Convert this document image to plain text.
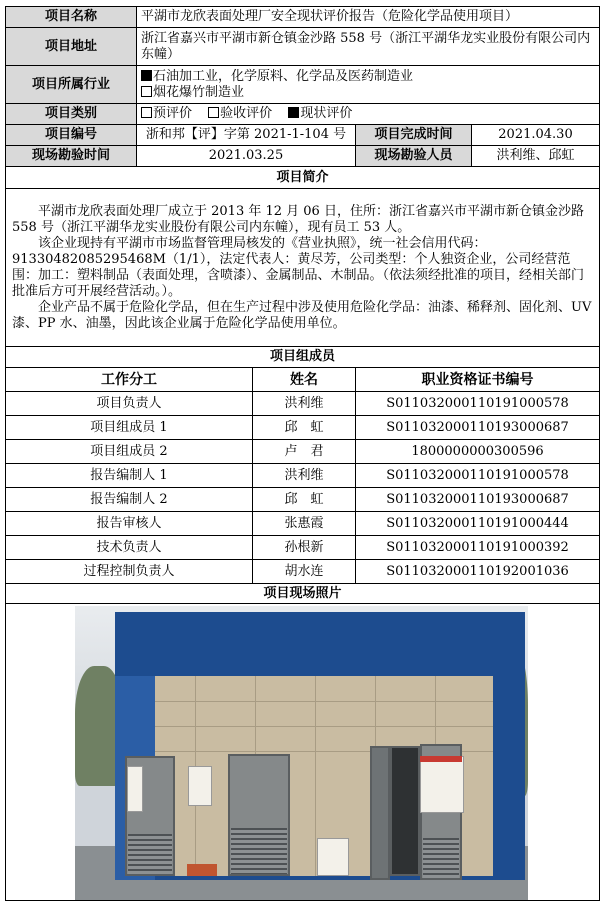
项目名称	平湖市龙欣表面处理厂安全现状评价报告（危险化学品使用项目）			
项目地址	浙江省嘉兴市平湖市新仓镇金沙路 558 号（浙江平湖华龙实业股份有限公司内东幢）			
项目所属行业	石油加工业，化学原料、化学品及医药制造业
烟花爆竹制造业			

项目类别	预评价 验收评价 现状评价			
项目编号	浙和邦【评】字第 2021-1-104 号		项目完成时间	2021.04.30
现场勘验时间	2021.03.25		现场勘验人员	洪利维、邱虹
项目简介				

平湖市龙欣表面处理厂成立于 2013 年 12 月 06 日，住所：浙江省嘉兴市平湖市新仓镇金沙路 558 号（浙江平湖华龙实业股份有限公司内东幢），现有员工 53 人。

该企业现持有平湖市市场监督管理局核发的《营业执照》，统一社会信用代码：91330482085295468M（1/1），法定代表人：黄尽芳，公司类型：个人独资企业，公司经营范围：加工：塑料制品（表面处理，含喷漆）、金属制品、木制品。（依法须经批准的项目，经相关部门批准后方可开展经营活动。）。

企业产品不属于危险化学品，但在生产过程中涉及使用危险化学品：油漆、稀释剂、固化剂、UV 漆、PP 水、油墨，因此该企业属于危险化学品使用单位。				

项目组成员				
工作分工		姓名	职业资格证书编号	
项目负责人		洪利维	S011032000110191000578	
项目组成员 1		邱　虹	S011032000110193000687	
项目组成员 2		卢　君	1800000000300596	
报告编制人 1		洪利维	S011032000110191000578	
报告编制人 2		邱　虹	S011032000110193000687	
报告审核人		张惠霞	S011032000110191000444	
技术负责人		孙根新	S011032000110191000392	
过程控制负责人		胡水连	S011032000110192001036	
项目现场照片				
